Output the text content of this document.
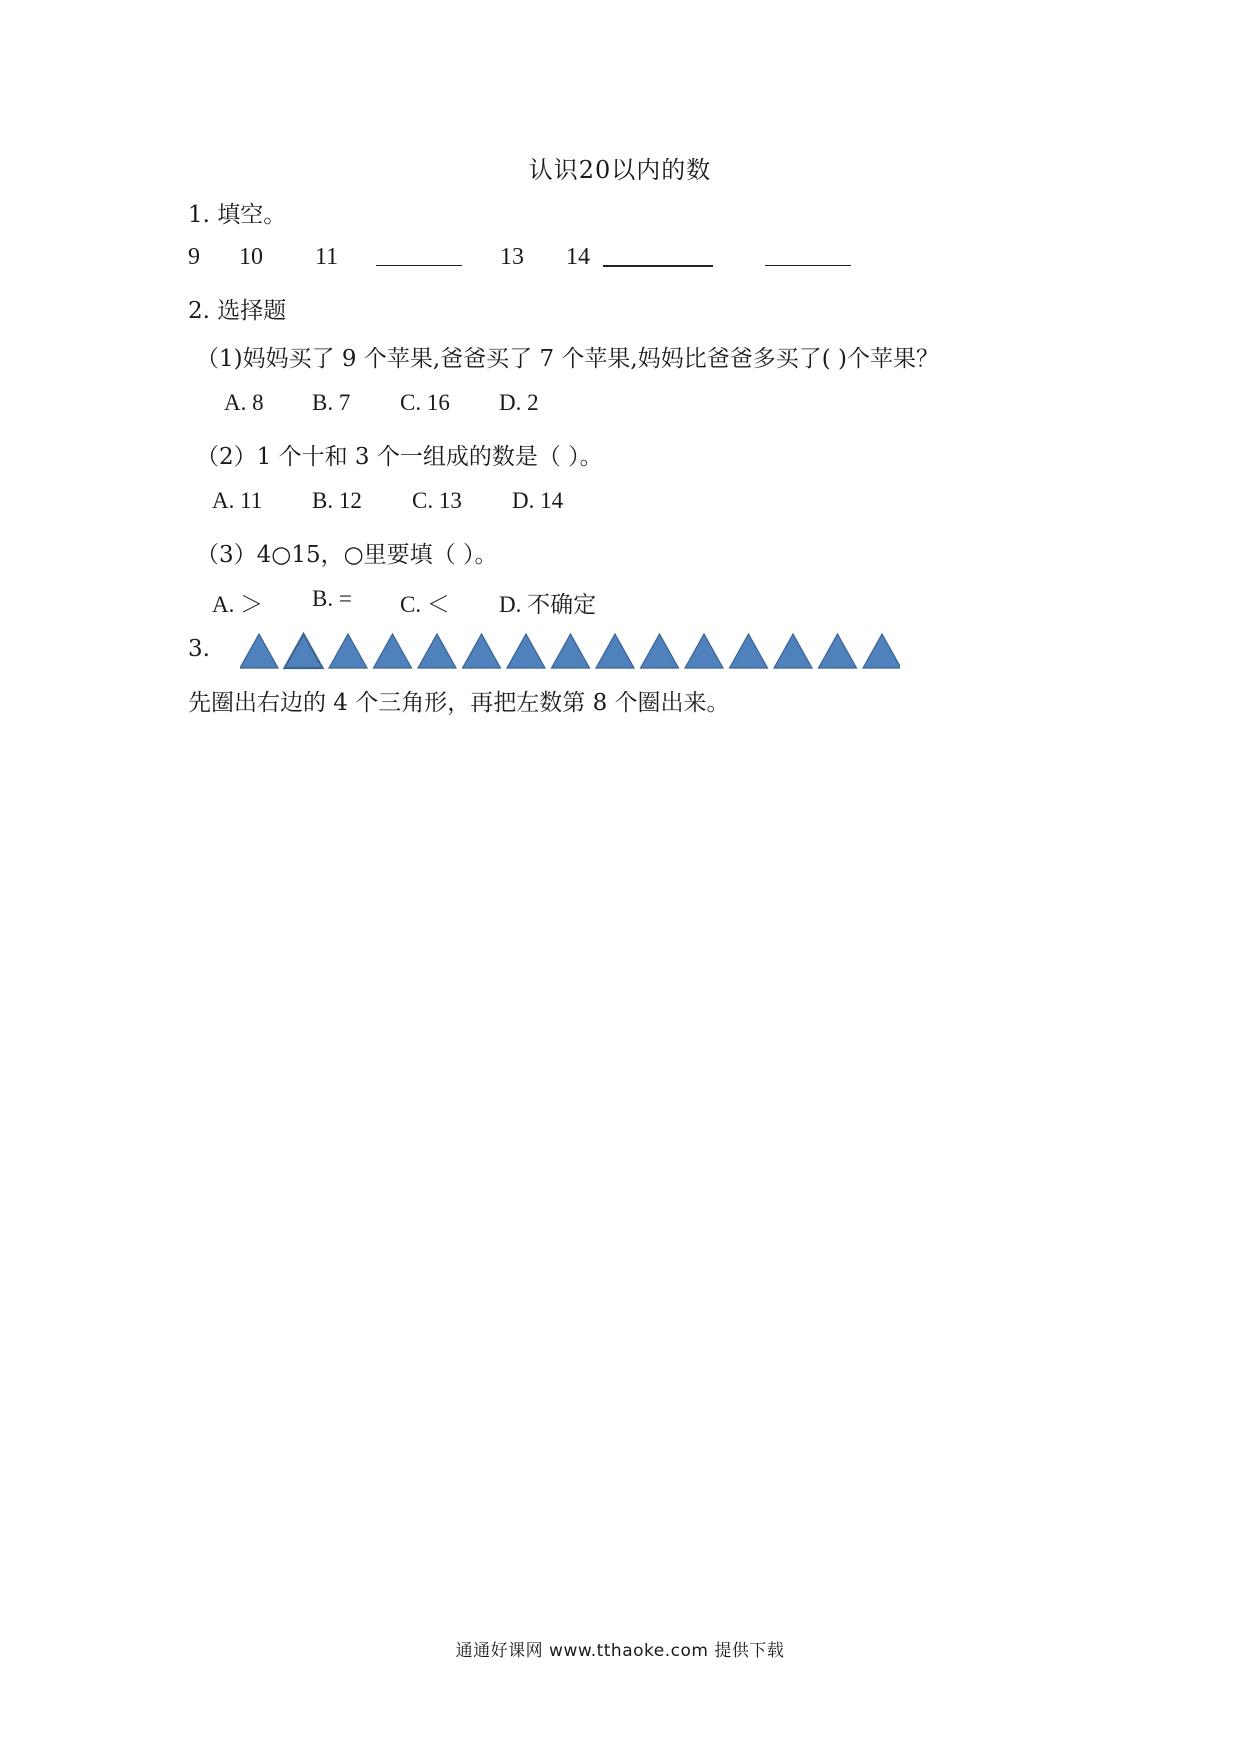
认识20以内的数
1. 填空。
9 10 11	13 14
2. 选择题
（1)妈妈买了 9 个苹果,爸爸买了 7 个苹果,妈妈比爸爸多买了( )个苹果？
A. 8 B. 7 C. 16 D. 2
（2）1 个十和 3 个一组成的数是（ ）。
A. 11 B. 12 C. 13 D. 14
（3）4○15，○里要填（ ）。
A. ＞ B. = C. ＜ D. 不确定
3.
先圈出右边的 4 个三角形，再把左数第 8 个圈出来。
通通好课网 www.tthaoke.com 提供下载
